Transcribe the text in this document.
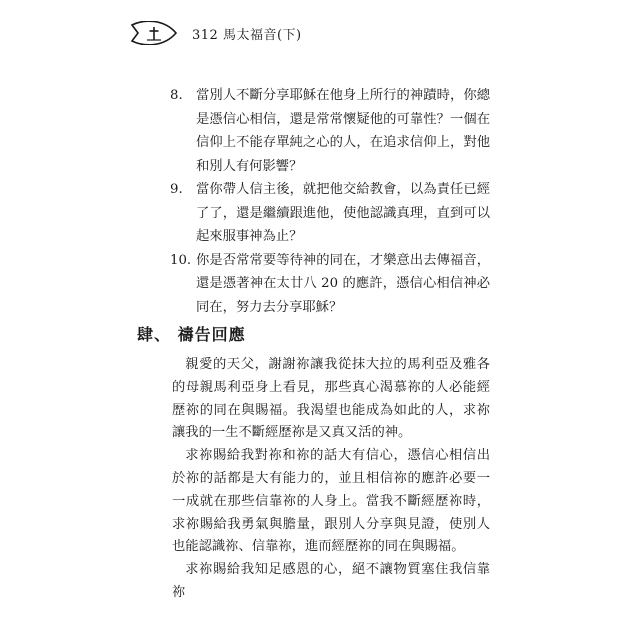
312 馬太福音(下)
8.	當別人不斷分享耶穌在他身上所行的神蹟時，你總是憑信心相信，還是常常懷疑他的可靠性？一個在信仰上不能存單純之心的人，在追求信仰上，對他和別人有何影響？
9.	當你帶人信主後，就把他交給教會，以為責任已經了了，還是繼續跟進他，使他認識真理，直到可以起來服事神為止？
10. 你是否常常要等待神的同在，才樂意出去傳福音，還是憑著神在太廿八 20 的應許，憑信心相信神必同在，努力去分享耶穌？
肆、 禱告回應

親愛的天父，謝謝祢讓我從抹大拉的馬利亞及雅各的母親馬利亞身上看見，那些真心渴慕祢的人必能經歷祢的同在與賜福。我渴望也能成為如此的人，求祢讓我的一生不斷經歷祢是又真又活的神。

求祢賜給我對祢和祢的話大有信心，憑信心相信出於祢的話都是大有能力的，並且相信祢的應許必要一一成就在那些信靠祢的人身上。當我不斷經歷祢時，求祢賜給我勇氣與膽量，跟別人分享與見證，使別人也能認識祢、信靠祢，進而經歷祢的同在與賜福。

求祢賜給我知足感恩的心，絕不讓物質塞住我信靠祢
